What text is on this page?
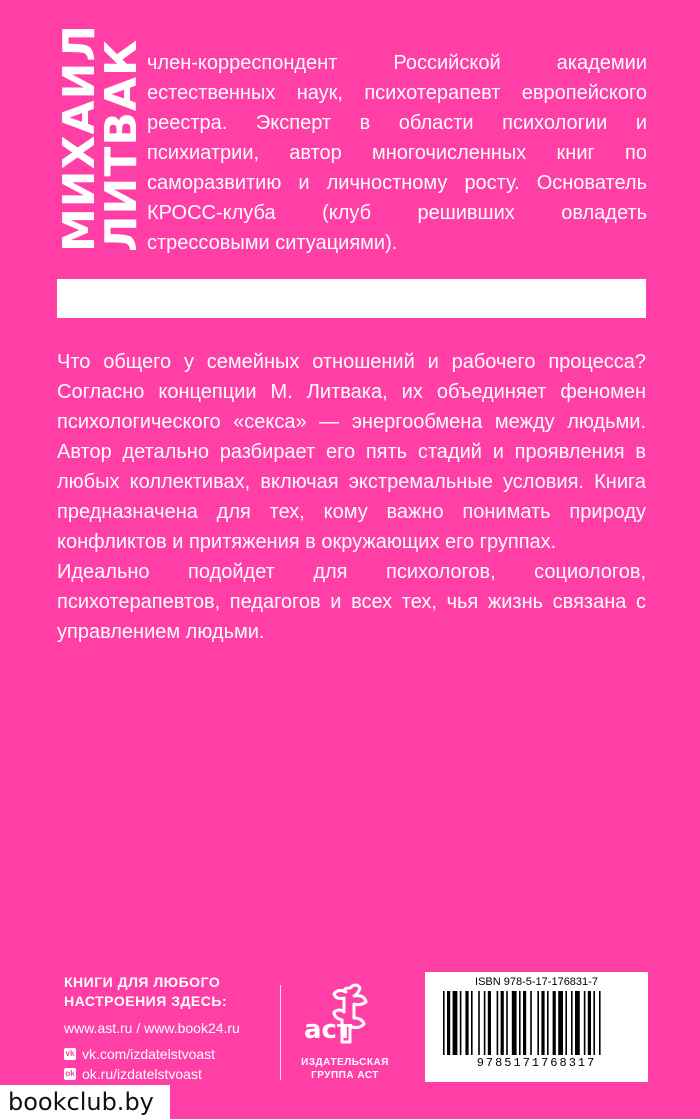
МИХАИЛ
ЛИТВАК член-корреспондент Российской академии естественных наук, психотерапевт европейского реестра. Эксперт в области психологии и психиатрии, автор многочисленных книг по саморазвитию и личностному росту. Основатель КРОСС-клуба (клуб решивших овладеть стрессовыми ситуациями).

Что общего у семейных отношений и рабочего процесса? Согласно концепции М. Литвака, их объединяет феномен психологического «секса» — энергообмена между людьми. Автор детально разбирает его пять стадий и проявления в любых коллективах, включая экстремальные условия. Книга предназначена для тех, кому важно понимать природу конфликтов и притяжения в окружающих его группах.

Идеально подойдет для психологов, социологов, психотерапевтов, педагогов и всех тех, чья жизнь связана с управлением людьми.

КНИГИ ДЛЯ ЛЮБОГО

НАСТРОЕНИЯ ЗДЕСЬ:

www.ast.ru / www.book24.ru
vk vk.com/izdatelstvoast
ok ok.ru/izdatelstvoast
аст
ИЗДАТЕЛЬСКАЯ
ГРУППА АСТ
ISBN 978-5-17-176831-7
9785171768317
bookclub.by
